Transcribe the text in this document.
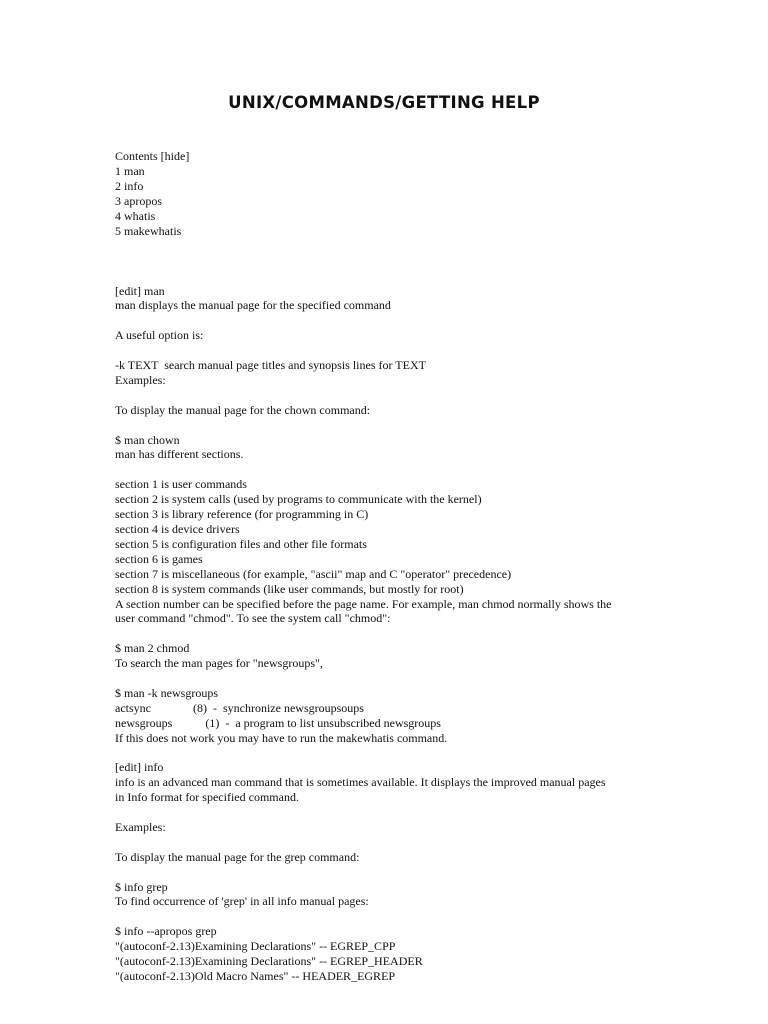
UNIX/COMMANDS/GETTING HELP
Contents [hide]
1 man
2 info
3 apropos
4 whatis
5 makewhatis
[edit] man
man displays the manual page for the specified command
A useful option is:
-k TEXT  search manual page titles and synopsis lines for TEXT
Examples:
To display the manual page for the chown command:
$ man chown
man has different sections.
section 1 is user commands
section 2 is system calls (used by programs to communicate with the kernel)
section 3 is library reference (for programming in C)
section 4 is device drivers
section 5 is configuration files and other file formats
section 6 is games
section 7 is miscellaneous (for example, "ascii" map and C "operator" precedence)
section 8 is system commands (like user commands, but mostly for root)
A section number can be specified before the page name. For example, man chmod normally shows the
user command "chmod". To see the system call "chmod":
$ man 2 chmod
To search the man pages for "newsgroups",
$ man -k newsgroups
actsync              (8)  -  synchronize newsgroupsoups
newsgroups           (1)  -  a program to list unsubscribed newsgroups
If this does not work you may have to run the makewhatis command.
[edit] info
info is an advanced man command that is sometimes available. It displays the improved manual pages
in Info format for specified command.
Examples:
To display the manual page for the grep command:
$ info grep
To find occurrence of 'grep' in all info manual pages:
$ info --apropos grep
"(autoconf-2.13)Examining Declarations" -- EGREP_CPP
"(autoconf-2.13)Examining Declarations" -- EGREP_HEADER
"(autoconf-2.13)Old Macro Names" -- HEADER_EGREP
